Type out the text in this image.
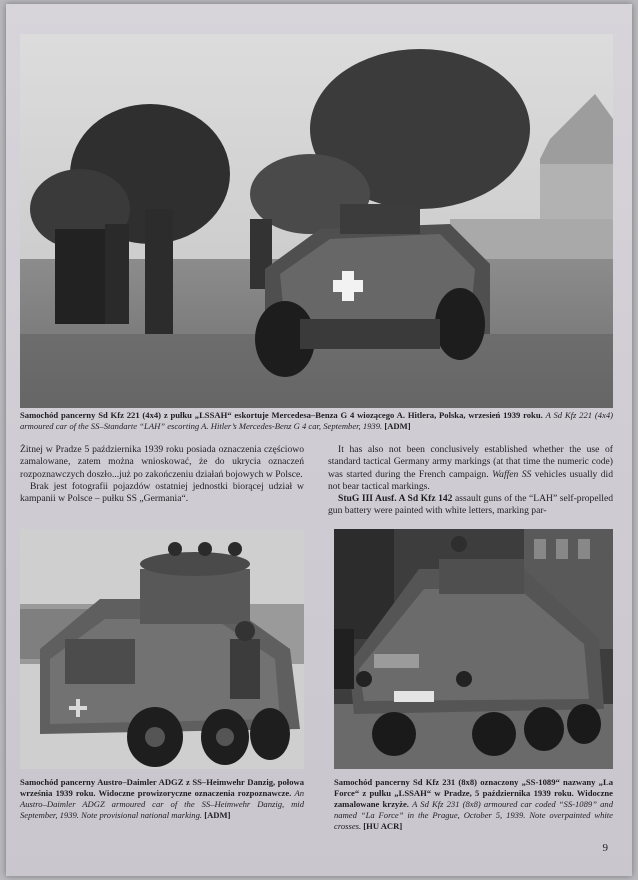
Samochód pancerny Sd Kfz 221 (4x4) z pułku „LSSAH“ eskortuje Mercedesa–Benza G 4 wiozącego A. Hitlera, Polska, wrzesień 1939 roku. A Sd Kfz 221 (4x4) armoured car of the SS–Standarte “LAH” escorting A. Hitler’s Mercedes-Benz G 4 car, September, 1939. [ADM]

Żitnej w Pradze 5 października 1939 roku posiada oznaczenia częściowo zamalowane, zatem można wnioskować, że do ukrycia oznaczeń rozpoznawczych doszło...już po zakończeniu działań bojowych w Polsce.

Brak jest fotografii pojazdów ostatniej jednostki biorącej udział w kampanii w Polsce – pułku SS „Germania“.

It has also not been conclusively established whether the use of standard tactical Germany army markings (at that time the numeric code) was started during the French campaign. Waffen SS vehicles usually did not bear tactical markings.

StuG III Ausf. A Sd Kfz 142 assault guns of the “LAH” self-propelled gun battery were painted with white letters, marking par-

Samochód pancerny Austro–Daimler ADGZ z SS–Heimwehr Danzig, połowa września 1939 roku. Widoczne prowizoryczne oznaczenia rozpoznawcze. An Austro–Daimler ADGZ armoured car of the SS–Heimwehr Danzig, mid September, 1939. Note provisional national marking. [ADM]
Samochód pancerny Sd Kfz 231 (8x8) oznaczony „SS-1089“ nazwany „La Force“ z pułku „LSSAH“ w Pradze, 5 października 1939 roku. Widoczne zamalowane krzyże. A Sd Kfz 231 (8x8) armoured car coded “SS-1089” and named “La Force” in the Prague, October 5, 1939. Note overpainted white crosses. [HU ACR]
9
